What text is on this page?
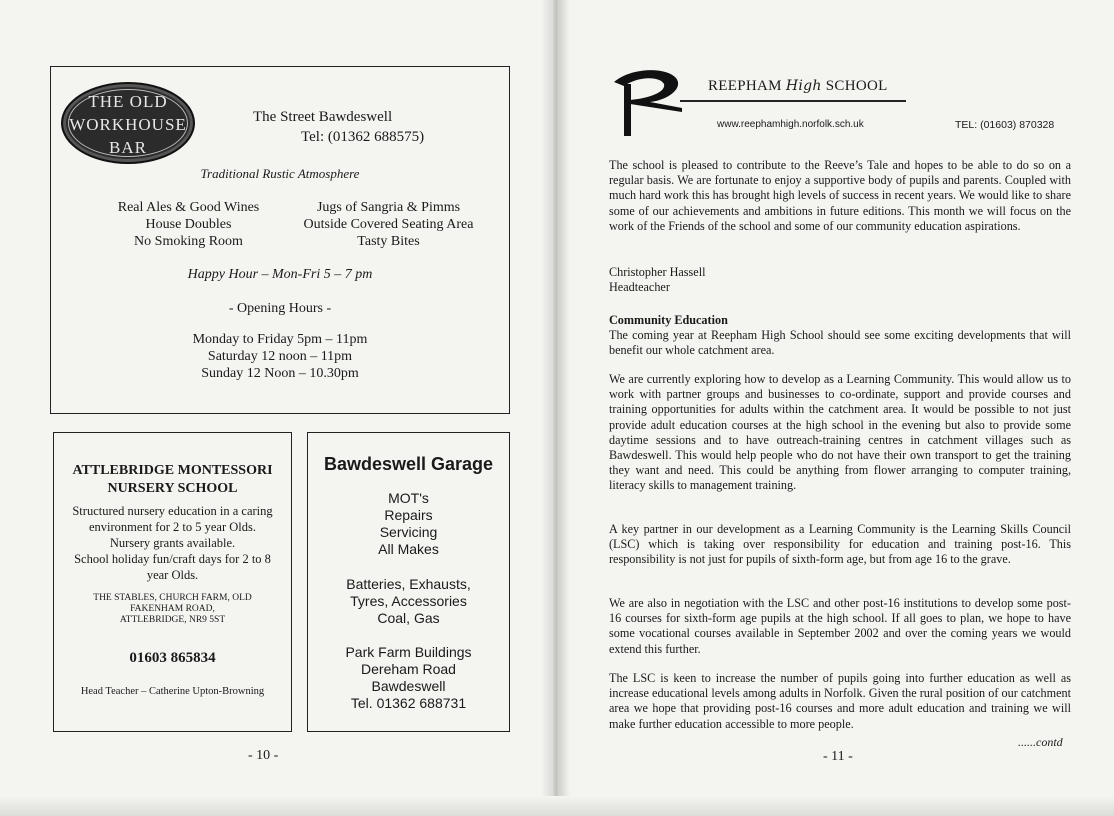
THE OLD
WORKHOUSE
BAR
The Street Bawdeswell
Tel: (01362 688575)
Traditional Rustic Atmosphere
Real Ales & Good Wines
House Doubles
No Smoking Room
Jugs of Sangria & Pimms
Outside Covered Seating Area
Tasty Bites
Happy Hour – Mon-Fri 5 – 7 pm
- Opening Hours -
Monday to Friday 5pm – 11pm
Saturday 12 noon – 11pm
Sunday 12 Noon – 10.30pm
ATTLEBRIDGE MONTESSORI
NURSERY SCHOOL
Structured nursery education in a caring
environment for 2 to 5 year Olds.
Nursery grants available.
School holiday fun/craft days for 2 to 8
year Olds.
THE STABLES, CHURCH FARM, OLD
FAKENHAM ROAD,
ATTLEBRIDGE, NR9 5ST
01603 865834
Head Teacher – Catherine Upton-Browning
Bawdeswell Garage
MOT's
Repairs
Servicing
All Makes
Batteries, Exhausts,
Tyres, Accessories
Coal, Gas
Park Farm Buildings
Dereham Road
Bawdeswell
Tel. 01362 688731
- 10 -
REEPHAM High SCHOOL
www.reephamhigh.norfolk.sch.uk	TEL: (01603) 870328
The school is pleased to contribute to the Reeve’s Tale and hopes to be able to do so on a regular basis. We are fortunate to enjoy a supportive body of pupils and parents. Coupled with much hard work this has brought high levels of success in recent years. We would like to share some of our achievements and ambitions in future editions. This month we will focus on the work of the Friends of the school and some of our community education aspirations.
Christopher Hassell
Headteacher
Community Education
The coming year at Reepham High School should see some exciting developments that will benefit our whole catchment area.
We are currently exploring how to develop as a Learning Community. This would allow us to work with partner groups and businesses to co-ordinate, support and provide courses and training opportunities for adults within the catchment area. It would be possible to not just provide adult education courses at the high school in the evening but also to provide some daytime sessions and to have outreach-training centres in catchment villages such as Bawdeswell. This would help people who do not have their own transport to get the training they want and need. This could be anything from flower arranging to computer training, literacy skills to management training.
A key partner in our development as a Learning Community is the Learning Skills Council (LSC) which is taking over responsibility for education and training post-16. This responsibility is not just for pupils of sixth-form age, but from age 16 to the grave.
We are also in negotiation with the LSC and other post-16 institutions to develop some post-16 courses for sixth-form age pupils at the high school. If all goes to plan, we hope to have some vocational courses available in September 2002 and over the coming years we would extend this further.
The LSC is keen to increase the number of pupils going into further education as well as increase educational levels among adults in Norfolk. Given the rural position of our catchment area we hope that providing post-16 courses and more adult education and training we will make further education accessible to more people.
......contd
- 11 -
